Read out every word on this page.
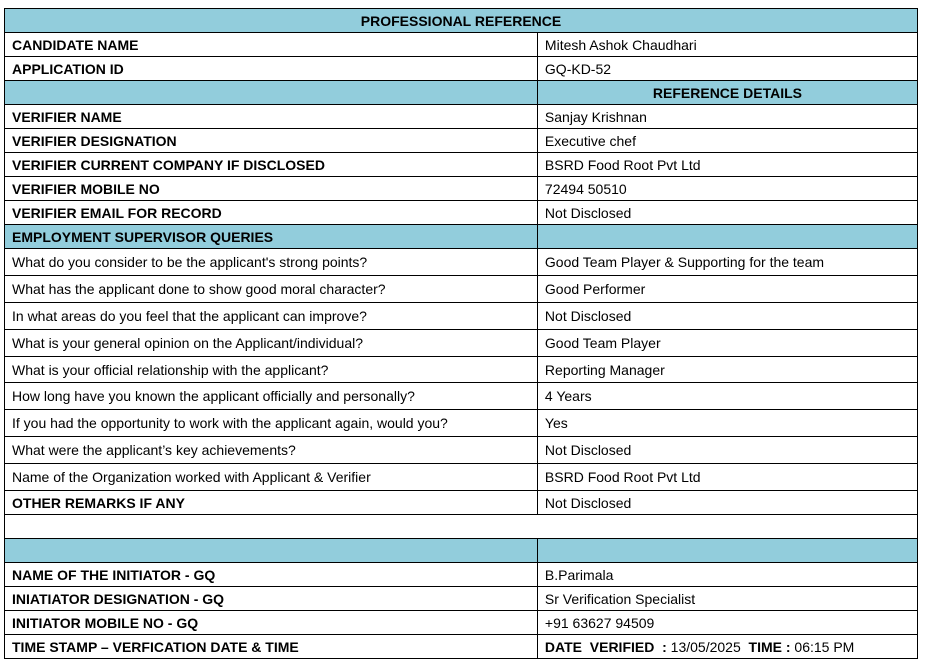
PROFESSIONAL REFERENCE	
CANDIDATE NAME	Mitesh Ashok Chaudhari
APPLICATION ID	GQ-KD-52
	REFERENCE DETAILS
VERIFIER NAME	Sanjay Krishnan
VERIFIER DESIGNATION	Executive chef
VERIFIER CURRENT COMPANY IF DISCLOSED	BSRD Food Root Pvt Ltd
VERIFIER MOBILE NO	72494 50510
VERIFIER EMAIL FOR RECORD	Not Disclosed
EMPLOYMENT SUPERVISOR QUERIES	
What do you consider to be the applicant's strong points?	Good Team Player & Supporting for the team
What has the applicant done to show good moral character?	Good Performer
In what areas do you feel that the applicant can improve?	Not Disclosed
What is your general opinion on the Applicant/individual?	Good Team Player
What is your official relationship with the applicant?	Reporting Manager
How long have you known the applicant officially and personally?	4 Years
If you had the opportunity to work with the applicant again, would you?	Yes
What were the applicant’s key achievements?	Not Disclosed
Name of the Organization worked with Applicant & Verifier	BSRD Food Root Pvt Ltd
OTHER REMARKS IF ANY	Not Disclosed

NAME OF THE INITIATOR - GQ	B.Parimala
INIATIATOR DESIGNATION - GQ	Sr Verification Specialist
INITIATOR MOBILE NO - GQ	+91 63627 94509
TIME STAMP – VERFICATION DATE & TIME	DATE  VERIFIED  : 13/05/2025  TIME : 06:15 PM
